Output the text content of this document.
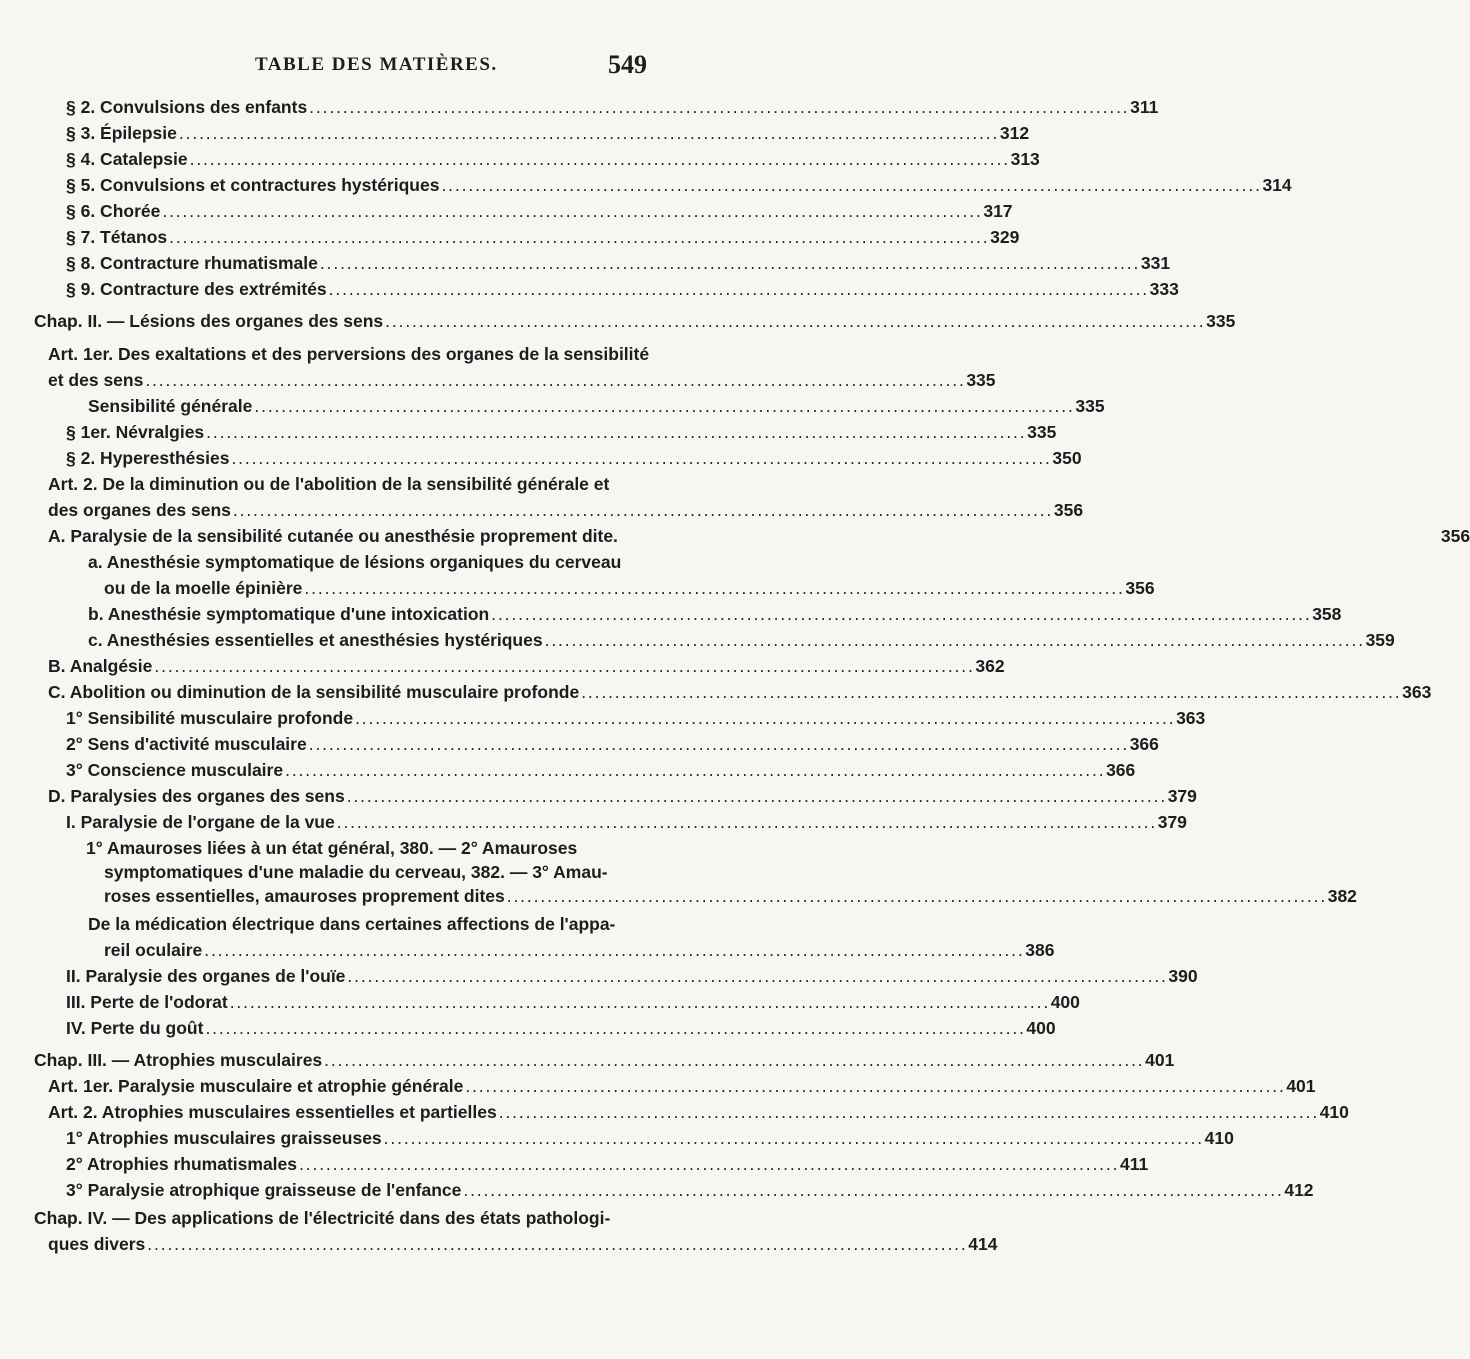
TABLE DES MATIÈRES.	549
§ 2. Convulsions des enfants . . .	311
§ 3. Épilepsie . . .	312
§ 4. Catalepsie . . .	313
§ 5. Convulsions et contractures hystériques . . .	314
§ 6. Chorée . . .	317
§ 7. Tétanos . . .	329
§ 8. Contracture rhumatismale . . .	331
§ 9. Contracture des extrémités . . .	333
Chap. II. — Lésions des organes des sens . . .	335
Art. 1er. Des exaltations et des perversions des organes de la sensibilité
et des sens . . .	335
Sensibilité générale . . .	335
§ 1er. Névralgies . . .	335
§ 2. Hyperesthésies . . .	350
Art. 2. De la diminution ou de l'abolition de la sensibilité générale et
des organes des sens . . .	356
A. Paralysie de la sensibilité cutanée ou anesthésie proprement dite.	356
a. Anesthésie symptomatique de lésions organiques du cerveau
ou de la moelle épinière . . .	356
b. Anesthésie symptomatique d'une intoxication . . .	358
c. Anesthésies essentielles et anesthésies hystériques . . .	359
B. Analgésie . . .	362
C. Abolition ou diminution de la sensibilité musculaire profonde . . .	363
1° Sensibilité musculaire profonde . . .	363
2° Sens d'activité musculaire . . .	366
3° Conscience musculaire . . .	366
D. Paralysies des organes des sens . . .	379
I. Paralysie de l'organe de la vue . . .	379
1° Amauroses liées à un état général, 380. — 2° Amauroses
symptomatiques d'une maladie du cerveau, 382. — 3° Amau-
roses essentielles, amauroses proprement dites . . .	382
De la médication électrique dans certaines affections de l'appa-
reil oculaire . . .	386
II. Paralysie des organes de l'ouïe . . .	390
III. Perte de l'odorat . . .	400
IV. Perte du goût . . .	400
Chap. III. — Atrophies musculaires . . .	401
Art. 1er. Paralysie musculaire et atrophie générale . . .	401
Art. 2. Atrophies musculaires essentielles et partielles . . .	410
1° Atrophies musculaires graisseuses . . .	410
2° Atrophies rhumatismales . . .	411
3° Paralysie atrophique graisseuse de l'enfance . . .	412
Chap. IV. — Des applications de l'électricité dans des états pathologi-
ques divers . . .	414
